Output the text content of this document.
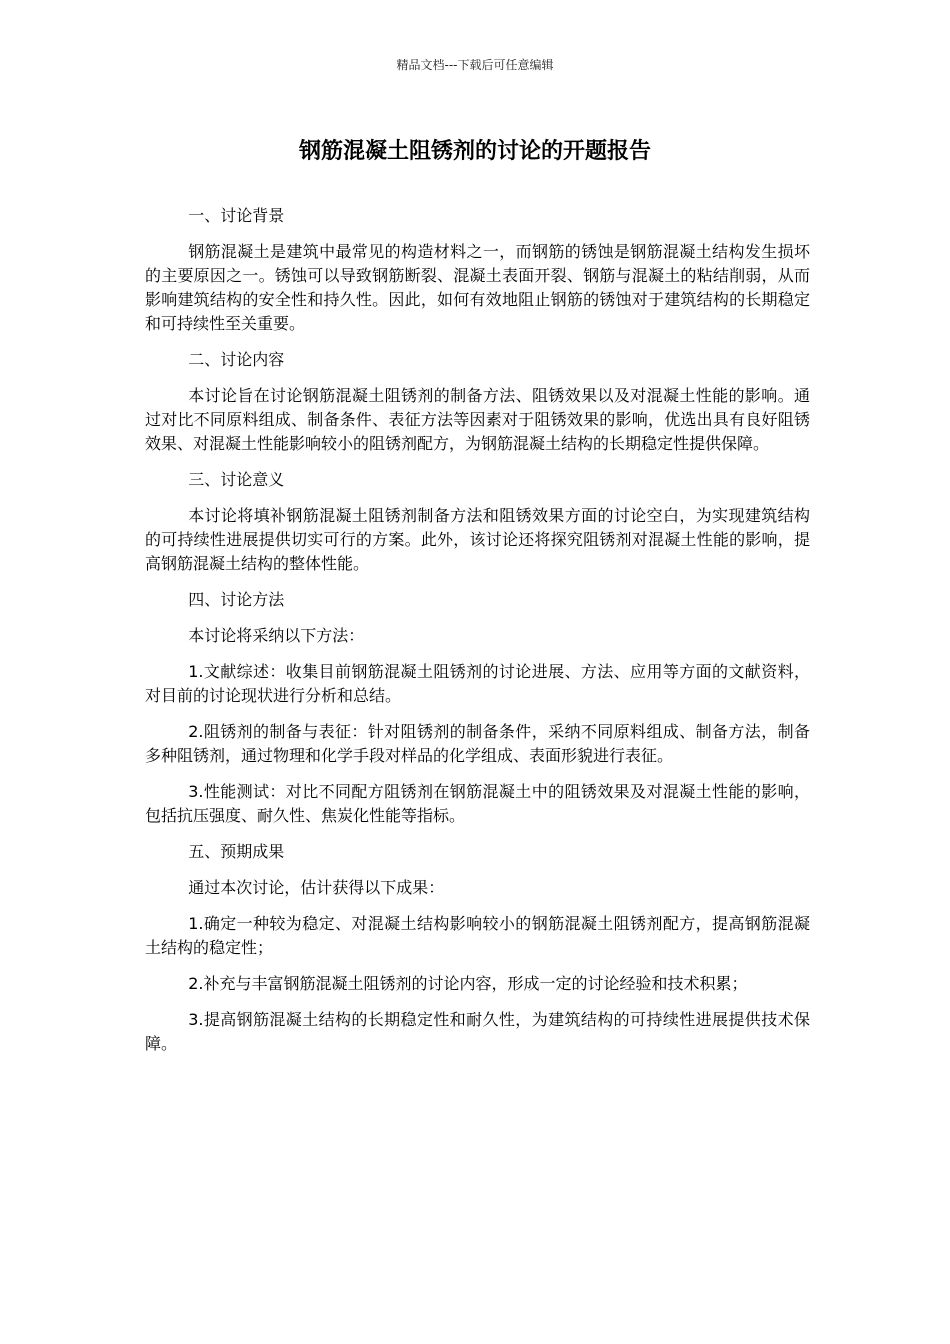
精品文档---下载后可任意编辑
钢筋混凝土阻锈剂的讨论的开题报告

一、讨论背景

钢筋混凝土是建筑中最常见的构造材料之一，而钢筋的锈蚀是钢筋混凝土结构发生损坏的主要原因之一。锈蚀可以导致钢筋断裂、混凝土表面开裂、钢筋与混凝土的粘结削弱，从而影响建筑结构的安全性和持久性。因此，如何有效地阻止钢筋的锈蚀对于建筑结构的长期稳定和可持续性至关重要。

二、讨论内容

本讨论旨在讨论钢筋混凝土阻锈剂的制备方法、阻锈效果以及对混凝土性能的影响。通过对比不同原料组成、制备条件、表征方法等因素对于阻锈效果的影响，优选出具有良好阻锈效果、对混凝土性能影响较小的阻锈剂配方，为钢筋混凝土结构的长期稳定性提供保障。

三、讨论意义

本讨论将填补钢筋混凝土阻锈剂制备方法和阻锈效果方面的讨论空白，为实现建筑结构的可持续性进展提供切实可行的方案。此外，该讨论还将探究阻锈剂对混凝土性能的影响，提高钢筋混凝土结构的整体性能。

四、讨论方法

本讨论将采纳以下方法：

1.文献综述：收集目前钢筋混凝土阻锈剂的讨论进展、方法、应用等方面的文献资料，对目前的讨论现状进行分析和总结。

2.阻锈剂的制备与表征：针对阻锈剂的制备条件，采纳不同原料组成、制备方法，制备多种阻锈剂，通过物理和化学手段对样品的化学组成、表面形貌进行表征。

3.性能测试：对比不同配方阻锈剂在钢筋混凝土中的阻锈效果及对混凝土性能的影响，包括抗压强度、耐久性、焦炭化性能等指标。

五、预期成果

通过本次讨论，估计获得以下成果：

1.确定一种较为稳定、对混凝土结构影响较小的钢筋混凝土阻锈剂配方，提高钢筋混凝土结构的稳定性；

2.补充与丰富钢筋混凝土阻锈剂的讨论内容，形成一定的讨论经验和技术积累；

3.提高钢筋混凝土结构的长期稳定性和耐久性，为建筑结构的可持续性进展提供技术保障。
